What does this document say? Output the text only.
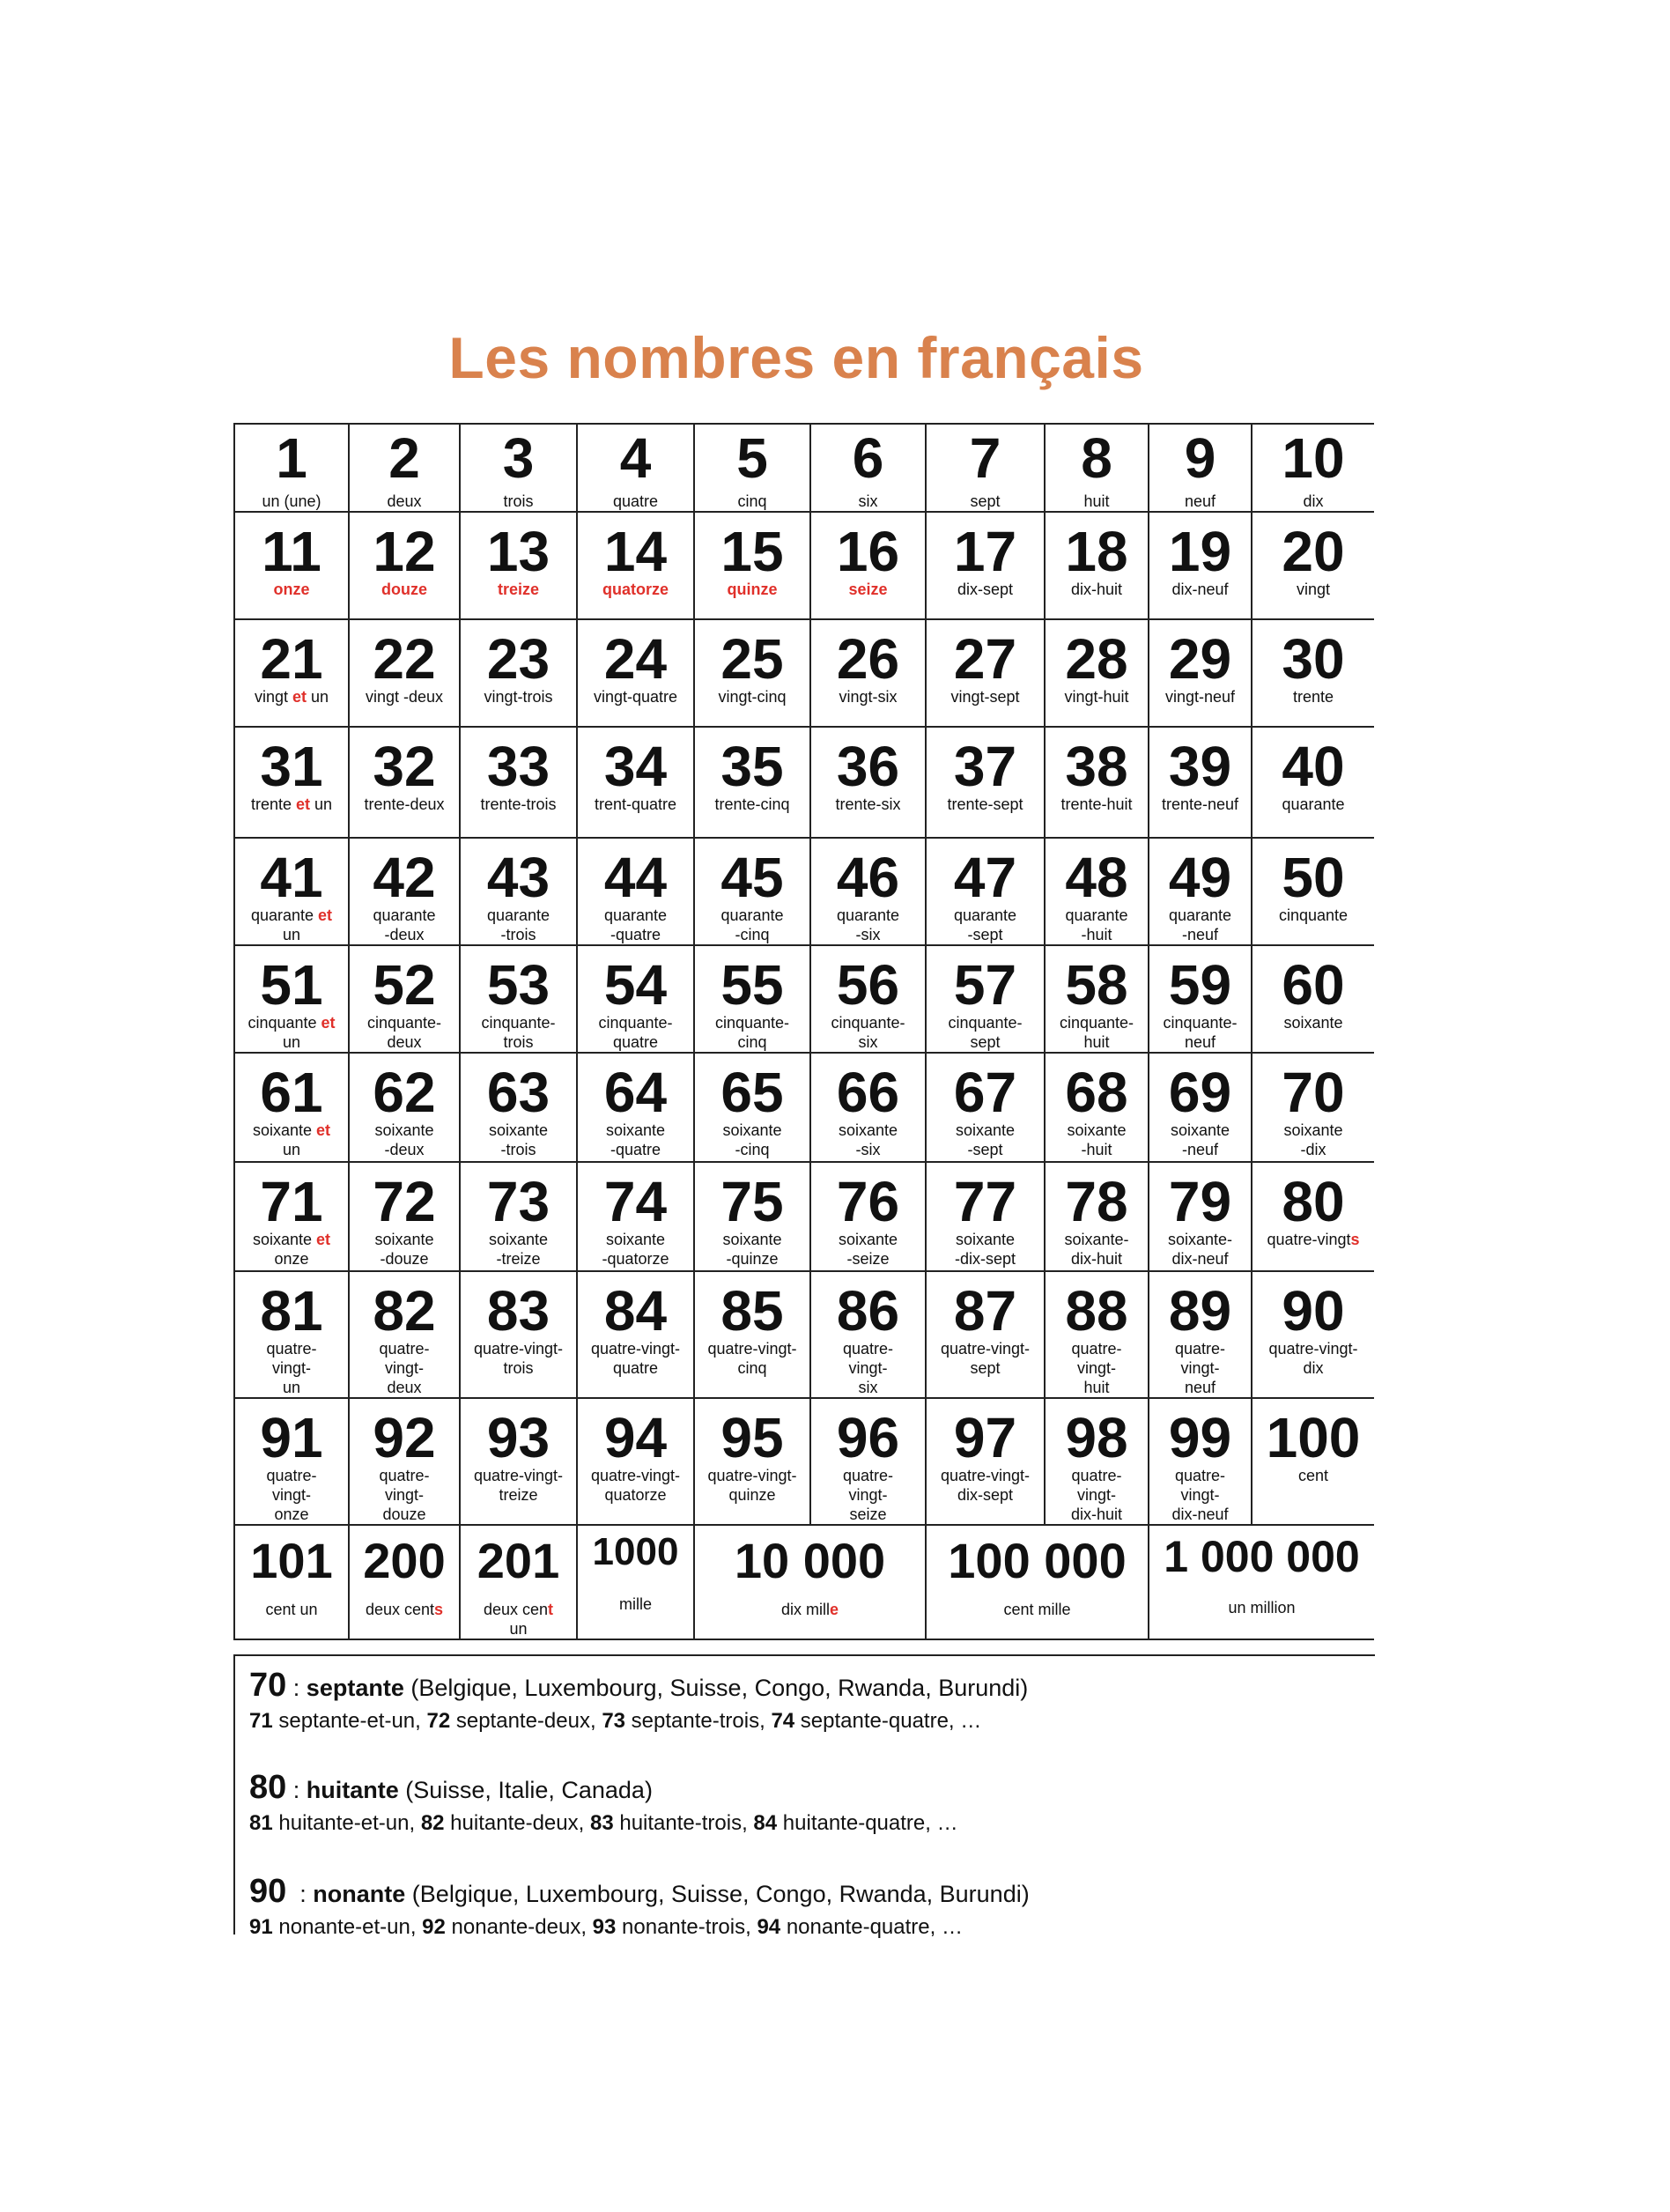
Les nombres en français
1
un (une)	2
deux	3
trois	4
quatre	5
cinq	6
six	7
sept	8
huit	9
neuf	10
dix

11
onze	12
douze	13
treize	14
quatorze	15
quinze	16
seize	17
dix-sept	18
dix-huit	19
dix-neuf	20
vingt

21
vingt et un	22
vingt -deux	23
vingt-trois	24
vingt-quatre	25
vingt-cinq	26
vingt-six	27
vingt-sept	28
vingt-huit	29
vingt-neuf	30
trente

31
trente et un	32
trente-deux	33
trente-trois	34
trent-quatre	35
trente-cinq	36
trente-six	37
trente-sept	38
trente-huit	39
trente-neuf	40
quarante

41
quarante et
un	42
quarante
-deux	43
quarante
-trois	44
quarante
-quatre	45
quarante
-cinq	46
quarante
-six	47
quarante
-sept	48
quarante
-huit	49
quarante
-neuf	50
cinquante

51
cinquante et
un	52
cinquante-
deux	53
cinquante-
trois	54
cinquante-
quatre	55
cinquante-
cinq	56
cinquante-
six	57
cinquante-
sept	58
cinquante-
huit	59
cinquante-
neuf	60
soixante

61
soixante et
un	62
soixante
-deux	63
soixante
-trois	64
soixante
-quatre	65
soixante
-cinq	66
soixante
-six	67
soixante
-sept	68
soixante
-huit	69
soixante
-neuf	70
soixante
-dix

71
soixante et
onze	72
soixante
-douze	73
soixante
-treize	74
soixante
-quatorze	75
soixante
-quinze	76
soixante
-seize	77
soixante
-dix-sept	78
soixante-
dix-huit	79
soixante-
dix-neuf	80
quatre-vingts

81
quatre-
vingt-
un	82
quatre-
vingt-
deux	83
quatre-vingt-
trois	84
quatre-vingt-
quatre	85
quatre-vingt-
cinq	86
quatre-
vingt-
six	87
quatre-vingt-
sept	88
quatre-
vingt-
huit	89
quatre-
vingt-
neuf	90
quatre-vingt-
dix

91
quatre-
vingt-
onze	92
quatre-
vingt-
douze	93
quatre-vingt-
treize	94
quatre-vingt-
quatorze	95
quatre-vingt-
quinze	96
quatre-
vingt-
seize	97
quatre-vingt-
dix-sept	98
quatre-
vingt-
dix-huit	99
quatre-
vingt-
dix-neuf	100
cent

101
cent un	200
deux cents	201
deux cent
un	1000
mille	10 000
dix mille		100 000
cent mille		1 000 000
un million	
70 : septante (Belgique, Luxembourg, Suisse, Congo, Rwanda, Burundi)
71 septante-et-un, 72 septante-deux, 73 septante-trois, 74 septante-quatre, …
80 : huitante (Suisse, Italie, Canada)
81 huitante-et-un, 82 huitante-deux, 83 huitante-trois, 84 huitante-quatre, …
90  : nonante (Belgique, Luxembourg, Suisse, Congo, Rwanda, Burundi)
91 nonante-et-un, 92 nonante-deux, 93 nonante-trois, 94 nonante-quatre, …
